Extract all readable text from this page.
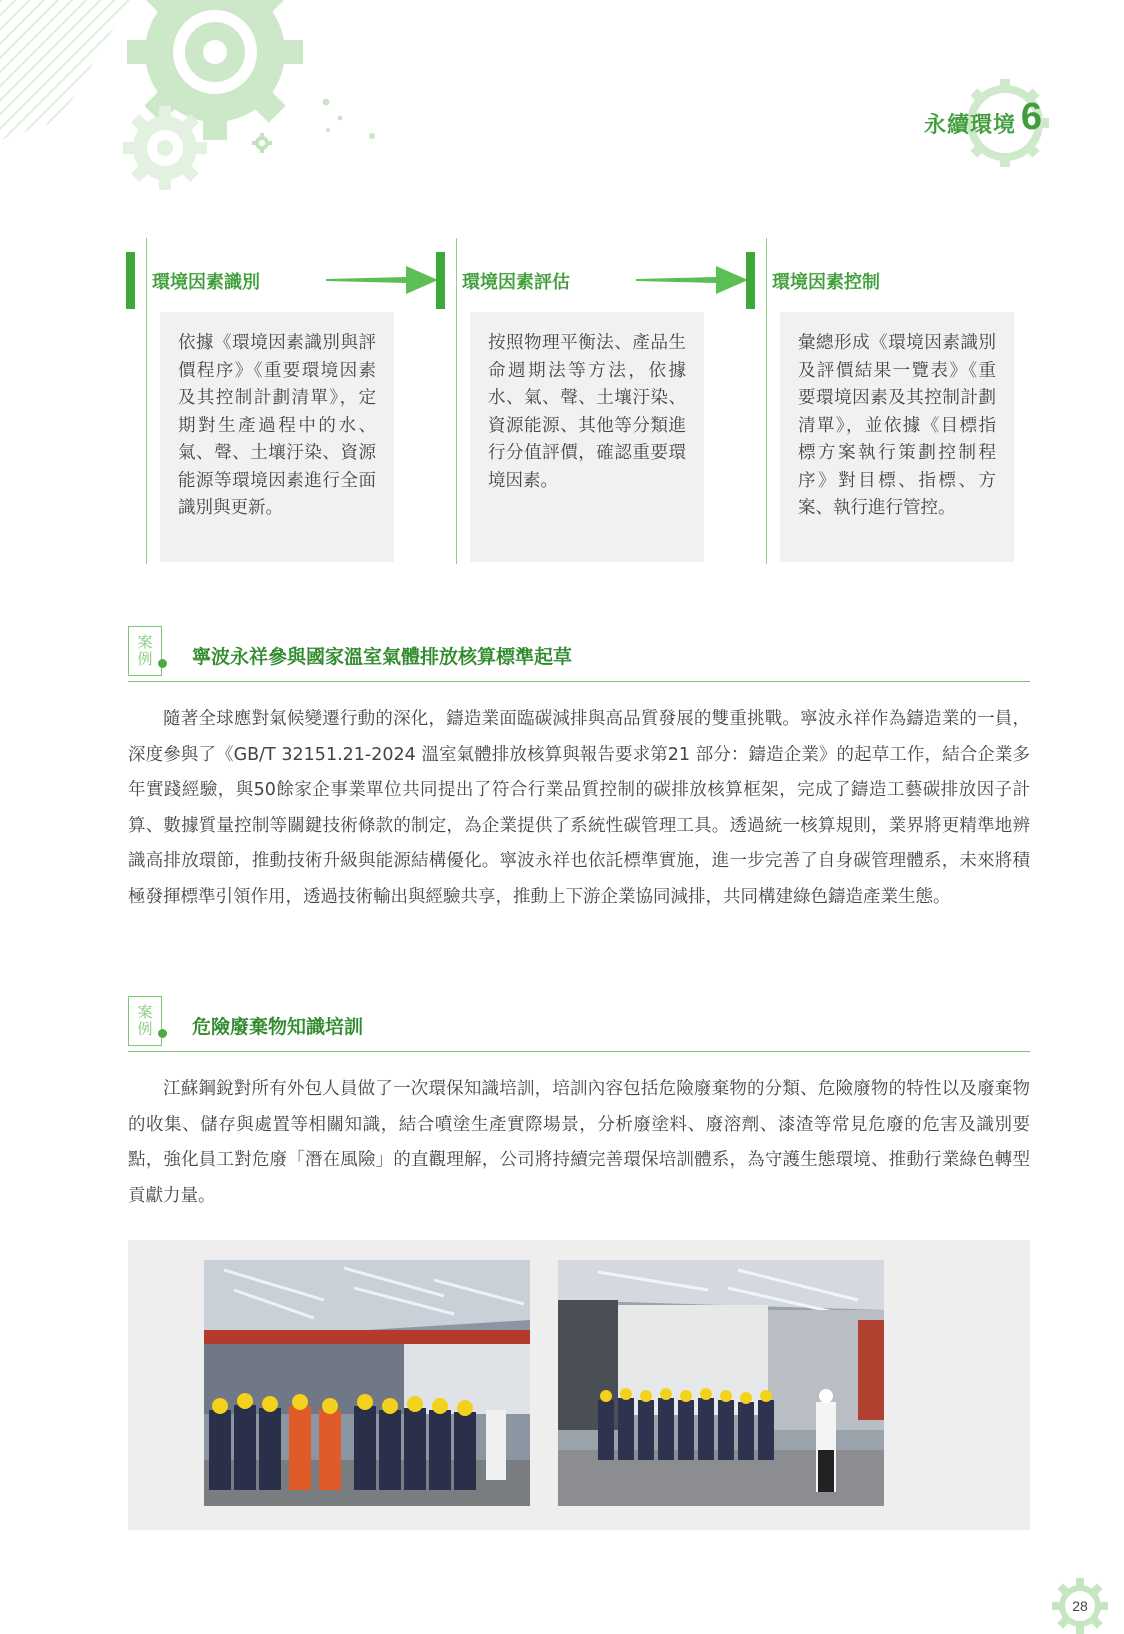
永續環境 6
環境因素識別
依據《環境因素識別與評價程序》《重要環境因素及其控制計劃清單》，定期對生產過程中的水、氣、聲、土壤汙染、資源能源等環境因素進行全面識別與更新。
環境因素評估
按照物理平衡法、產品生命週期法等方法，依據水、氣、聲、土壤汙染、資源能源、其他等分類進行分值評價，確認重要環境因素。
環境因素控制
彙總形成《環境因素識別及評價結果一覽表》《重要環境因素及其控制計劃清單》，並依據《目標指標方案執行策劃控制程序》對目標、指標、方案、執行進行管控。
案
例	寧波永祥參與國家溫室氣體排放核算標準起草
隨著全球應對氣候變遷行動的深化，鑄造業面臨碳減排與高品質發展的雙重挑戰。寧波永祥作為鑄造業的一員，深度參與了《GB/T 32151.21-2024 溫室氣體排放核算與報告要求第21 部分：鑄造企業》的起草工作，結合企業多年實踐經驗，與50餘家企事業單位共同提出了符合行業品質控制的碳排放核算框架，完成了鑄造工藝碳排放因子計算、數據質量控制等關鍵技術條款的制定，為企業提供了系統性碳管理工具。透過統一核算規則，業界將更精準地辨識高排放環節，推動技術升級與能源結構優化。寧波永祥也依託標準實施，進一步完善了自身碳管理體系，未來將積極發揮標準引領作用，透過技術輸出與經驗共享，推動上下游企業協同減排，共同構建綠色鑄造產業生態。
案
例	危險廢棄物知識培訓
江蘇鋼銳對所有外包人員做了一次環保知識培訓，培訓內容包括危險廢棄物的分類、危險廢物的特性以及廢棄物的收集、儲存與處置等相關知識，結合噴塗生產實際場景，分析廢塗料、廢溶劑、漆渣等常見危廢的危害及識別要點，強化員工對危廢「潛在風險」的直觀理解，公司將持續完善環保培訓體系，為守護生態環境、推動行業綠色轉型貢獻力量。
28
